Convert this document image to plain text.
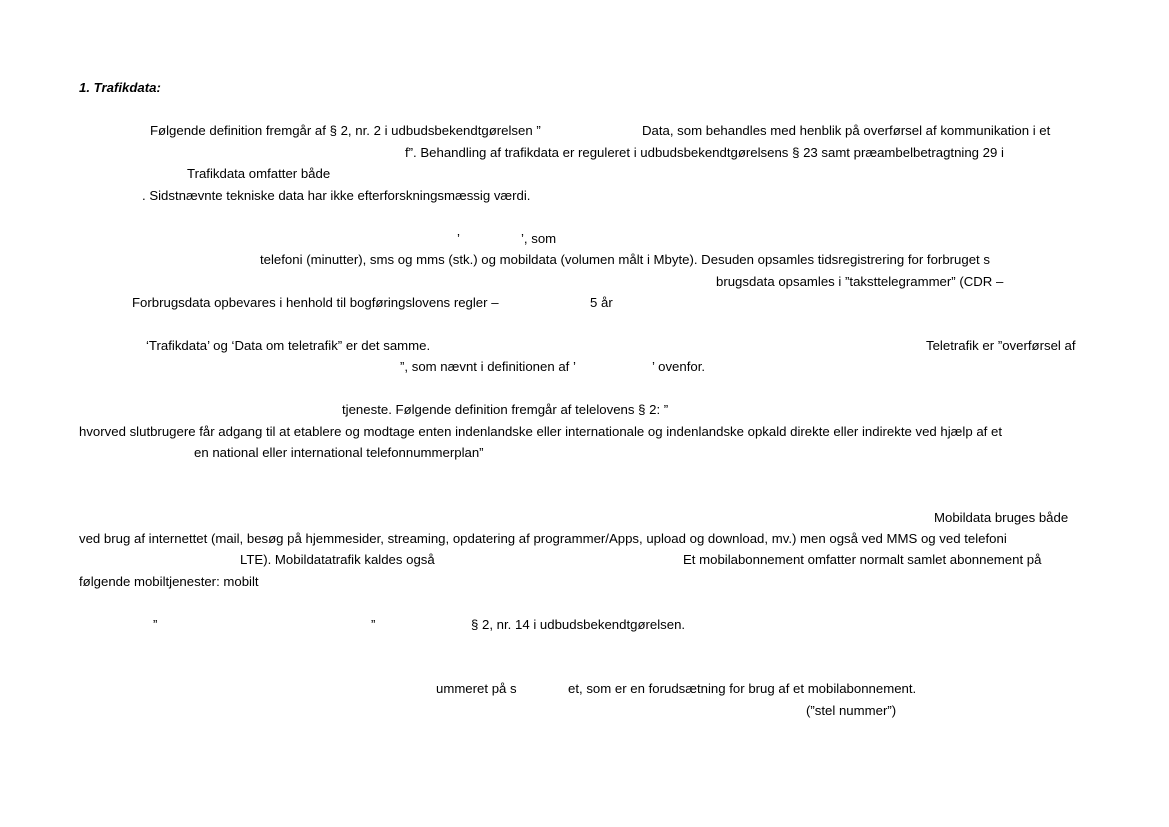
1. Trafikdata:
Følgende definition fremgår af § 2, nr. 2 i udbudsbekendtgørelsen ”	Data, som behandles med henblik på overførsel af kommunikation i et
f”. Behandling af trafikdata er reguleret i udbudsbekendtgørelsens § 23 samt præambelbetragtning 29 i
Trafikdata omfatter både
. Sidstnævnte tekniske data har ikke efterforskningsmæssig værdi.
’	’, som
telefoni (minutter), sms og mms (stk.) og mobildata (volumen målt i Mbyte). Desuden opsamles tidsregistrering for forbruget s
brugsdata opsamles i ”taksttelegrammer” (CDR –
Forbrugsdata opbevares i henhold til bogføringslovens regler –	5 år
‘Trafikdata’ og ‘Data om teletrafik” er det samme.	Teletrafik er ”overførsel af
”, som nævnt i definitionen af ’	’ ovenfor.
tjeneste. Følgende definition fremgår af telelovens § 2: ”
hvorved slutbrugere får adgang til at etablere og modtage enten indenlandske eller internationale og indenlandske opkald direkte eller indirekte ved hjælp af et
en national eller international telefonnummerplan”
Mobildata bruges både
ved brug af internettet (mail, besøg på hjemmesider, streaming, opdatering af programmer/Apps, upload og download, mv.) men også ved MMS og ved telefoni
LTE). Mobildatatrafik kaldes også	Et mobilabonnement omfatter normalt samlet abonnement på
følgende mobiltjenester: mobilt
”	”	§ 2, nr. 14 i udbudsbekendtgørelsen.
ummeret på s	et, som er en forudsætning for brug af et mobilabonnement.
(”stel nummer”)
